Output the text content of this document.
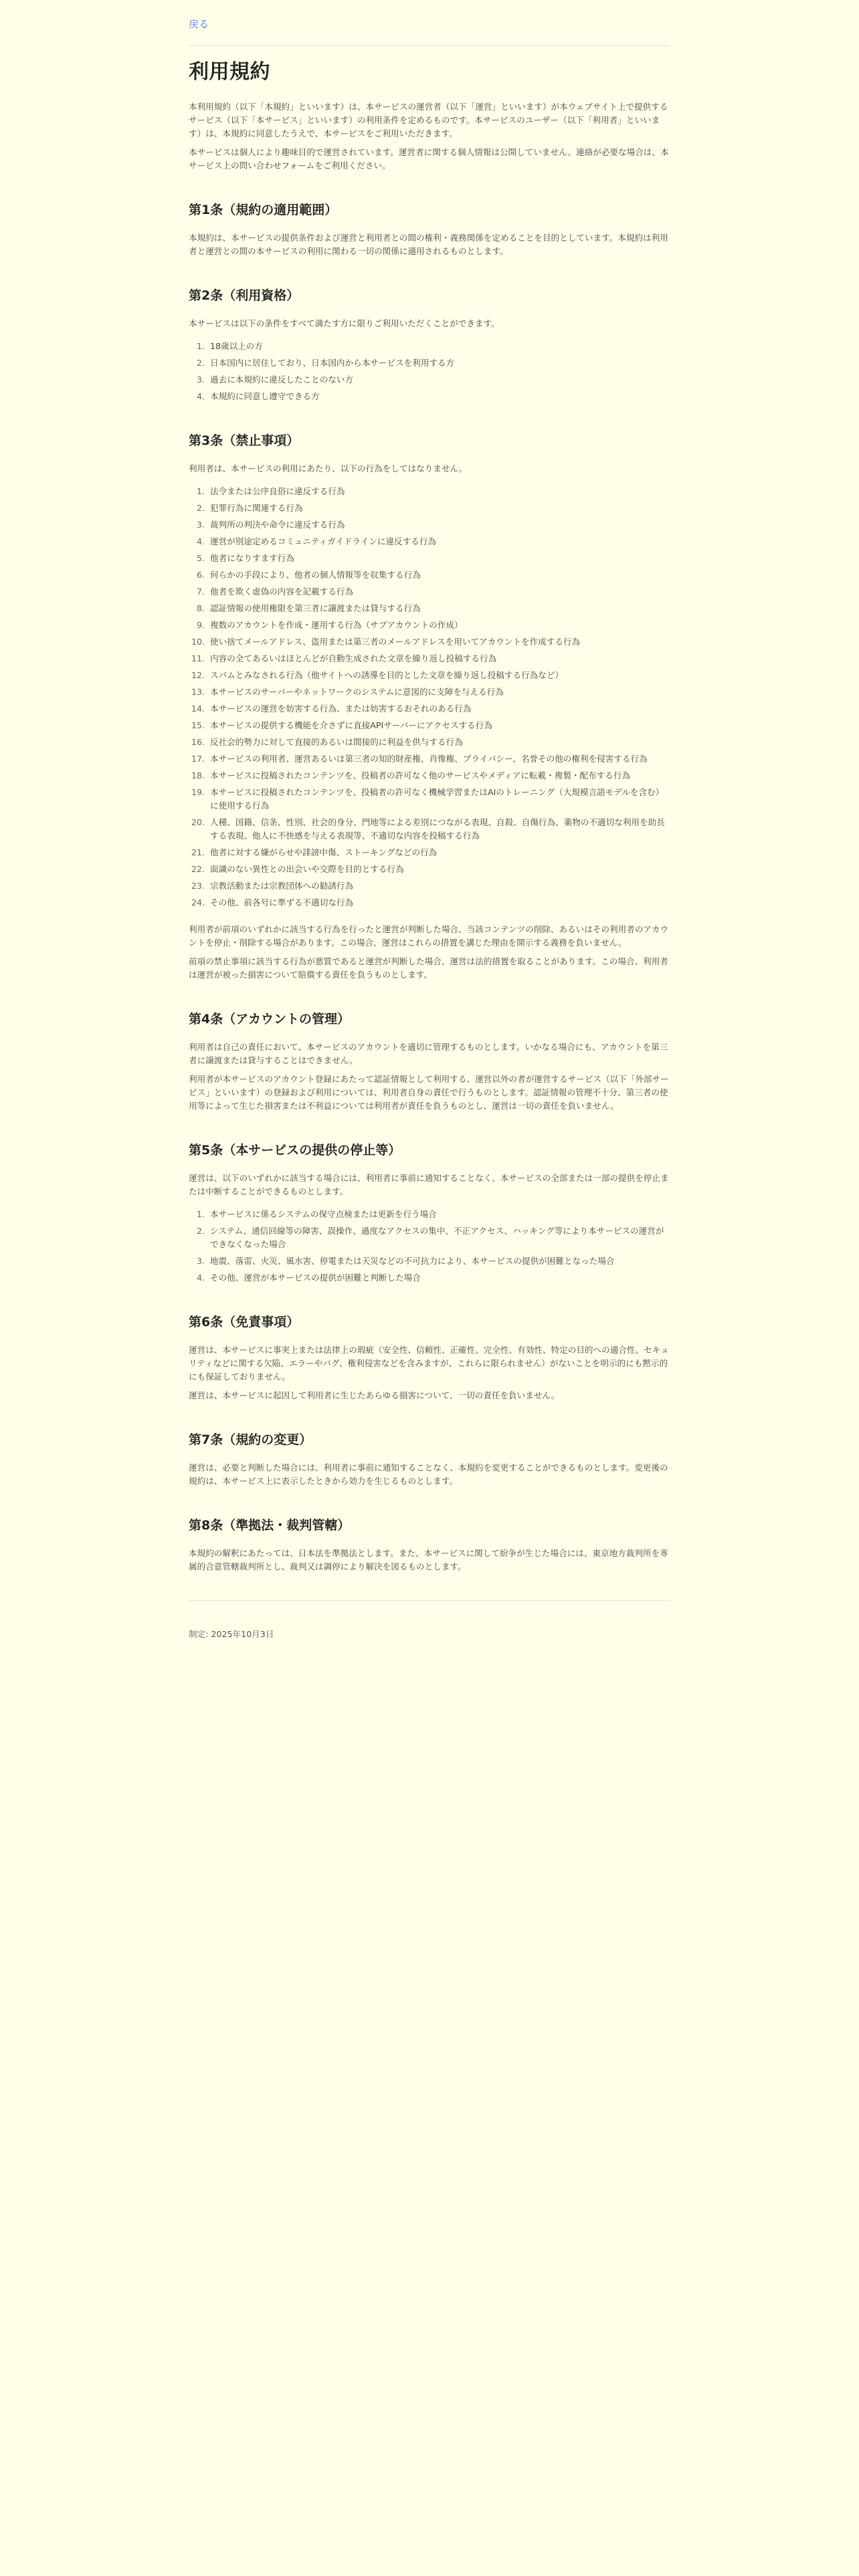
戻る
利用規約

本利用規約（以下「本規約」といいます）は、本サービスの運営者（以下「運営」といいます）が本ウェブサイト上で提供するサービス（以下「本サービス」といいます）の利用条件を定めるものです。本サービスのユーザー（以下「利用者」といいます）は、本規約に同意したうえで、本サービスをご利用いただきます。

本サービスは個人により趣味目的で運営されています。運営者に関する個人情報は公開していません。連絡が必要な場合は、本サービス上の問い合わせフォームをご利用ください。

第1条（規約の適用範囲）

本規約は、本サービスの提供条件および運営と利用者との間の権利・義務関係を定めることを目的としています。本規約は利用者と運営との間の本サービスの利用に関わる一切の関係に適用されるものとします。

第2条（利用資格）

本サービスは以下の条件をすべて満たす方に限りご利用いただくことができます。

1. 18歳以上の方
2. 日本国内に居住しており、日本国内から本サービスを利用する方
3. 過去に本規約に違反したことのない方
4. 本規約に同意し遵守できる方
第3条（禁止事項）

利用者は、本サービスの利用にあたり、以下の行為をしてはなりません。

1. 法令または公序良俗に違反する行為
2. 犯罪行為に関連する行為
3. 裁判所の判決や命令に違反する行為
4. 運営が別途定めるコミュニティガイドラインに違反する行為
5. 他者になりすます行為
6. 何らかの手段により、他者の個人情報等を収集する行為
7. 他者を欺く虚偽の内容を記載する行為
8. 認証情報の使用権限を第三者に譲渡または貸与する行為
9. 複数のアカウントを作成・運用する行為（サブアカウントの作成）
10. 使い捨てメールアドレス、盗用または第三者のメールアドレスを用いてアカウントを作成する行為
11. 内容の全てあるいはほとんどが自動生成された文章を繰り返し投稿する行為
12. スパムとみなされる行為（他サイトへの誘導を目的とした文章を繰り返し投稿する行為など）
13. 本サービスのサーバーやネットワークのシステムに意図的に支障を与える行為
14. 本サービスの運営を妨害する行為、または妨害するおそれのある行為
15. 本サービスの提供する機能を介さずに直接APIサーバーにアクセスする行為
16. 反社会的勢力に対して直接的あるいは間接的に利益を供与する行為
17. 本サービスの利用者、運営あるいは第三者の知的財産権、肖像権、プライバシー、名誉その他の権利を侵害する行為
18. 本サービスに投稿されたコンテンツを、投稿者の許可なく他のサービスやメディアに転載・複製・配布する行為
19. 本サービスに投稿されたコンテンツを、投稿者の許可なく機械学習またはAIのトレーニング（大規模言語モデルを含む）に使用する行為
20. 人種、国籍、信条、性別、社会的身分、門地等による差別につながる表現、自殺、自傷行為、薬物の不適切な利用を助長する表現、他人に不快感を与える表現等、不適切な内容を投稿する行為
21. 他者に対する嫌がらせや誹謗中傷、ストーキングなどの行為
22. 面識のない異性との出会いや交際を目的とする行為
23. 宗教活動または宗教団体への勧誘行為
24. その他、前各号に準ずる不適切な行為

利用者が前項のいずれかに該当する行為を行ったと運営が判断した場合、当該コンテンツの削除、あるいはその利用者のアカウントを停止・削除する場合があります。この場合、運営はこれらの措置を講じた理由を開示する義務を負いません。

前項の禁止事項に該当する行為が悪質であると運営が判断した場合、運営は法的措置を取ることがあります。この場合、利用者は運営が被った損害について賠償する責任を負うものとします。

第4条（アカウントの管理）

利用者は自己の責任において、本サービスのアカウントを適切に管理するものとします。いかなる場合にも、アカウントを第三者に譲渡または貸与することはできません。

利用者が本サービスのアカウント登録にあたって認証情報として利用する、運営以外の者が運営するサービス（以下「外部サービス」といいます）の登録および利用については、利用者自身の責任で行うものとします。認証情報の管理不十分、第三者の使用等によって生じた損害または不利益については利用者が責任を負うものとし、運営は一切の責任を負いません。

第5条（本サービスの提供の停止等）

運営は、以下のいずれかに該当する場合には、利用者に事前に通知することなく、本サービスの全部または一部の提供を停止または中断することができるものとします。

1. 本サービスに係るシステムの保守点検または更新を行う場合
2. システム、通信回線等の障害、誤操作、過度なアクセスの集中、不正アクセス、ハッキング等により本サービスの運営ができなくなった場合
3. 地震、落雷、火災、風水害、停電または天災などの不可抗力により、本サービスの提供が困難となった場合
4. その他、運営が本サービスの提供が困難と判断した場合
第6条（免責事項）

運営は、本サービスに事実上または法律上の瑕疵（安全性、信頼性、正確性、完全性、有効性、特定の目的への適合性、セキュリティなどに関する欠陥、エラーやバグ、権利侵害などを含みますが、これらに限られません）がないことを明示的にも黙示的にも保証しておりません。

運営は、本サービスに起因して利用者に生じたあらゆる損害について、一切の責任を負いません。

第7条（規約の変更）

運営は、必要と判断した場合には、利用者に事前に通知することなく、本規約を変更することができるものとします。変更後の規約は、本サービス上に表示したときから効力を生じるものとします。

第8条（準拠法・裁判管轄）

本規約の解釈にあたっては、日本法を準拠法とします。また、本サービスに関して紛争が生じた場合には、東京地方裁判所を専属的合意管轄裁判所とし、裁判又は調停により解決を図るものとします。

制定: 2025年10月3日
